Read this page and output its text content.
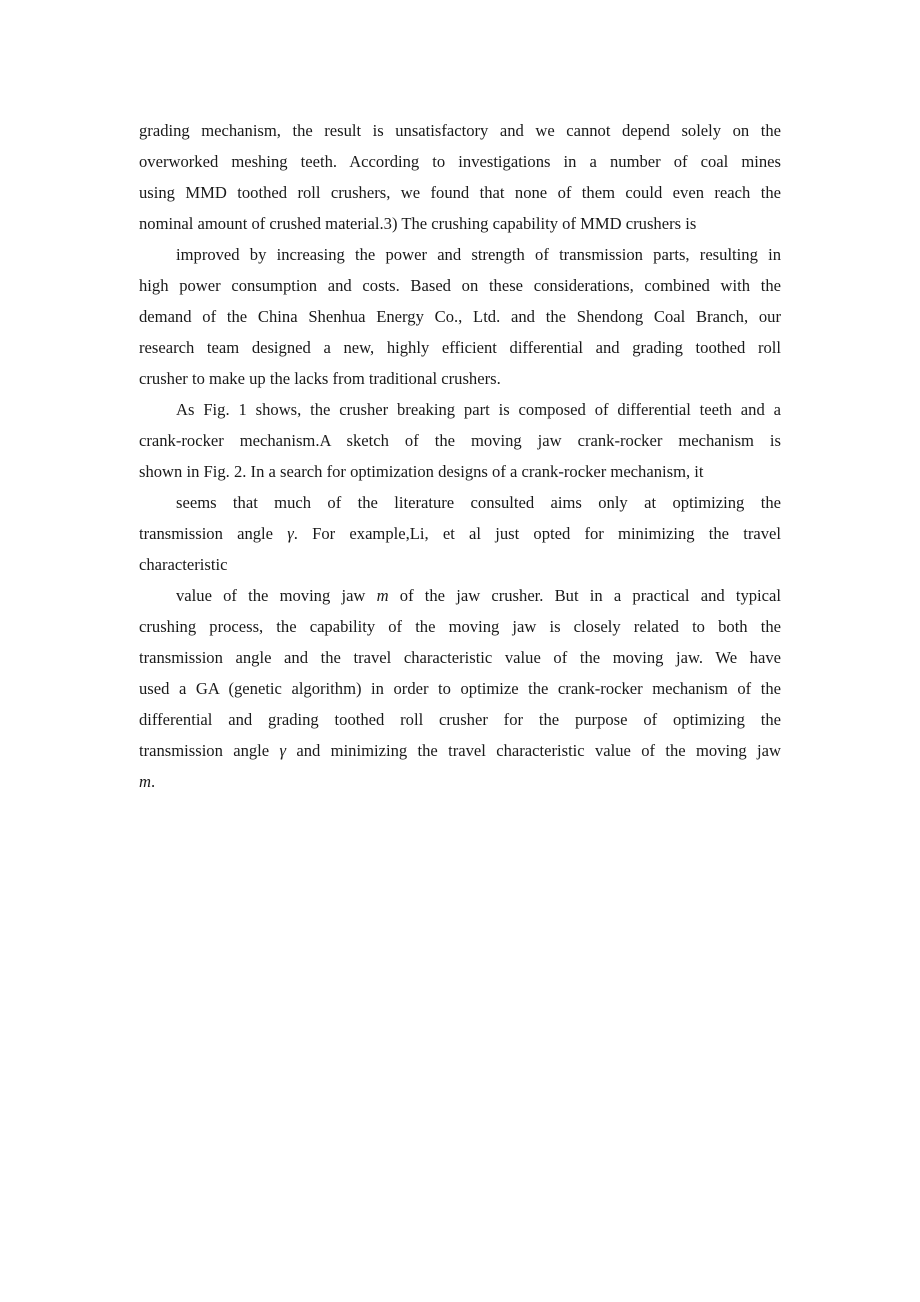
grading mechanism, the result is unsatisfactory and we cannot depend solely on the
overworked meshing teeth. According to investigations in a number of coal mines
using MMD toothed roll crushers, we found that none of them could even reach the
nominal amount of crushed material.3) The crushing capability of MMD crushers is
improved by increasing the power and strength of transmission parts, resulting in
high power consumption and costs. Based on these considerations, combined with the
demand of the China Shenhua Energy Co., Ltd. and the Shendong Coal Branch, our
research team designed a new, highly efficient differential and grading toothed roll
crusher to make up the lacks from traditional crushers.
As Fig. 1 shows, the crusher breaking part is composed of differential teeth and a
crank-rocker mechanism.A sketch of the moving jaw crank-rocker mechanism is
shown in Fig. 2. In a search for optimization designs of a crank-rocker mechanism, it
seems that much of the literature consulted aims only at optimizing the
transmission angle γ. For example,Li, et al just opted for minimizing the travel
characteristic
value of the moving jaw m of the jaw crusher. But in a practical and typical
crushing process, the capability of the moving jaw is closely related to both the
transmission angle and the travel characteristic value of the moving jaw. We have
used a GA (genetic algorithm) in order to optimize the crank-rocker mechanism of the
differential and grading toothed roll crusher for the purpose of optimizing the
transmission angle γ and minimizing the travel characteristic value of the moving jaw
m.
